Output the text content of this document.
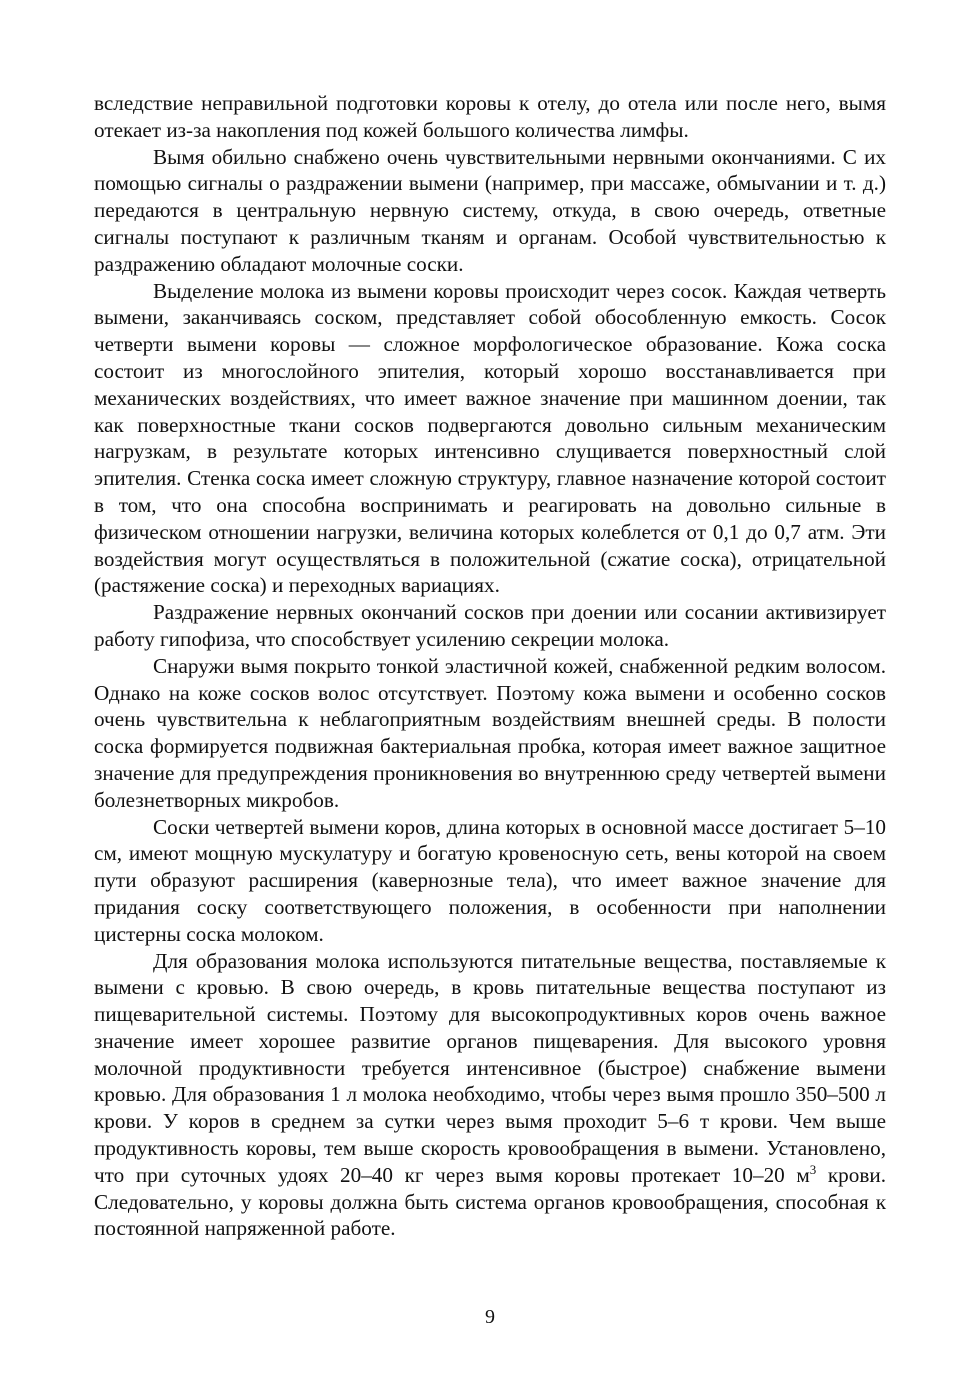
вследствие неправильной подготовки коровы к отелу, до отела или после него, вымя отекает из-за накопления под кожей большого количества лимфы.

Вымя обильно снабжено очень чувствительными нервными окончаниями. С их помощью сигналы о раздражении вымени (например, при массаже, обмыvании и т. д.) передаются в центральную нервную систему, откуда, в свою очередь, ответные сигналы поступают к различным тканям и органам. Особой чувствительностью к раздражению обладают молочные соски.

Выделение молока из вымени коровы происходит через сосок. Каждая четверть вымени, заканчиваясь соском, представляет собой обособленную емкость. Сосок четверти вымени коровы — сложное морфологическое образование. Кожа соска состоит из многослойного эпителия, который хорошо восстанавливается при механических воздействиях, что имеет важное значение при машинном доении, так как поверхностные ткани сосков подвергаются довольно сильным механическим нагрузкам, в результате которых интенсивно слущивается поверхностный слой эпителия. Стенка соска имеет сложную структуру, главное назначение которой состоит в том, что она способна воспринимать и реагировать на довольно сильные в физическом отношении нагрузки, величина которых колеблется от 0,1 до 0,7 атм. Эти воздействия могут осуществляться в положительной (сжатие соска), отрицательной (растяжение соска) и переходных вариациях.

Раздражение нервных окончаний сосков при доении или сосании активизирует работу гипофиза, что способствует усилению секреции молока.

Снаружи вымя покрыто тонкой эластичной кожей, снабженной редким волосом. Однако на коже сосков волос отсутствует. Поэтому кожа вымени и особенно сосков очень чувствительна к неблагоприятным воздействиям внешней среды. В полости соска формируется подвижная бактериальная пробка, которая имеет важное защитное значение для предупреждения проникновения во внутреннюю среду четвертей вымени болезнетворных микробов.

Соски четвертей вымени коров, длина которых в основной массе достигает 5–10 см, имеют мощную мускулатуру и богатую кровеносную сеть, вены которой на своем пути образуют расширения (кавернозные тела), что имеет важное значение для придания соску соответствующего положения, в особенности при наполнении цистерны соска молоком.

Для образования молока используются питательные вещества, поставляемые к вымени с кровью. В свою очередь, в кровь питательные вещества поступают из пищеварительной системы. Поэтому для высокопродуктивных коров очень важное значение имеет хорошее развитие органов пищеварения. Для высокого уровня молочной продуктивности требуется интенсивное (быстрое) снабжение вымени кровью. Для образования 1 л молока необходимо, чтобы через вымя прошло 350–500 л крови. У коров в среднем за сутки через вымя проходит 5–6 т крови. Чем выше продуктивность коровы, тем выше скорость кровообращения в вымени. Установлено, что при суточных удоях 20–40 кг через вымя коровы протекает 10–20 $м^3$ крови. Следовательно, у коровы должна быть система органов кровообращения, способная к постоянной напряженной работе.

9
